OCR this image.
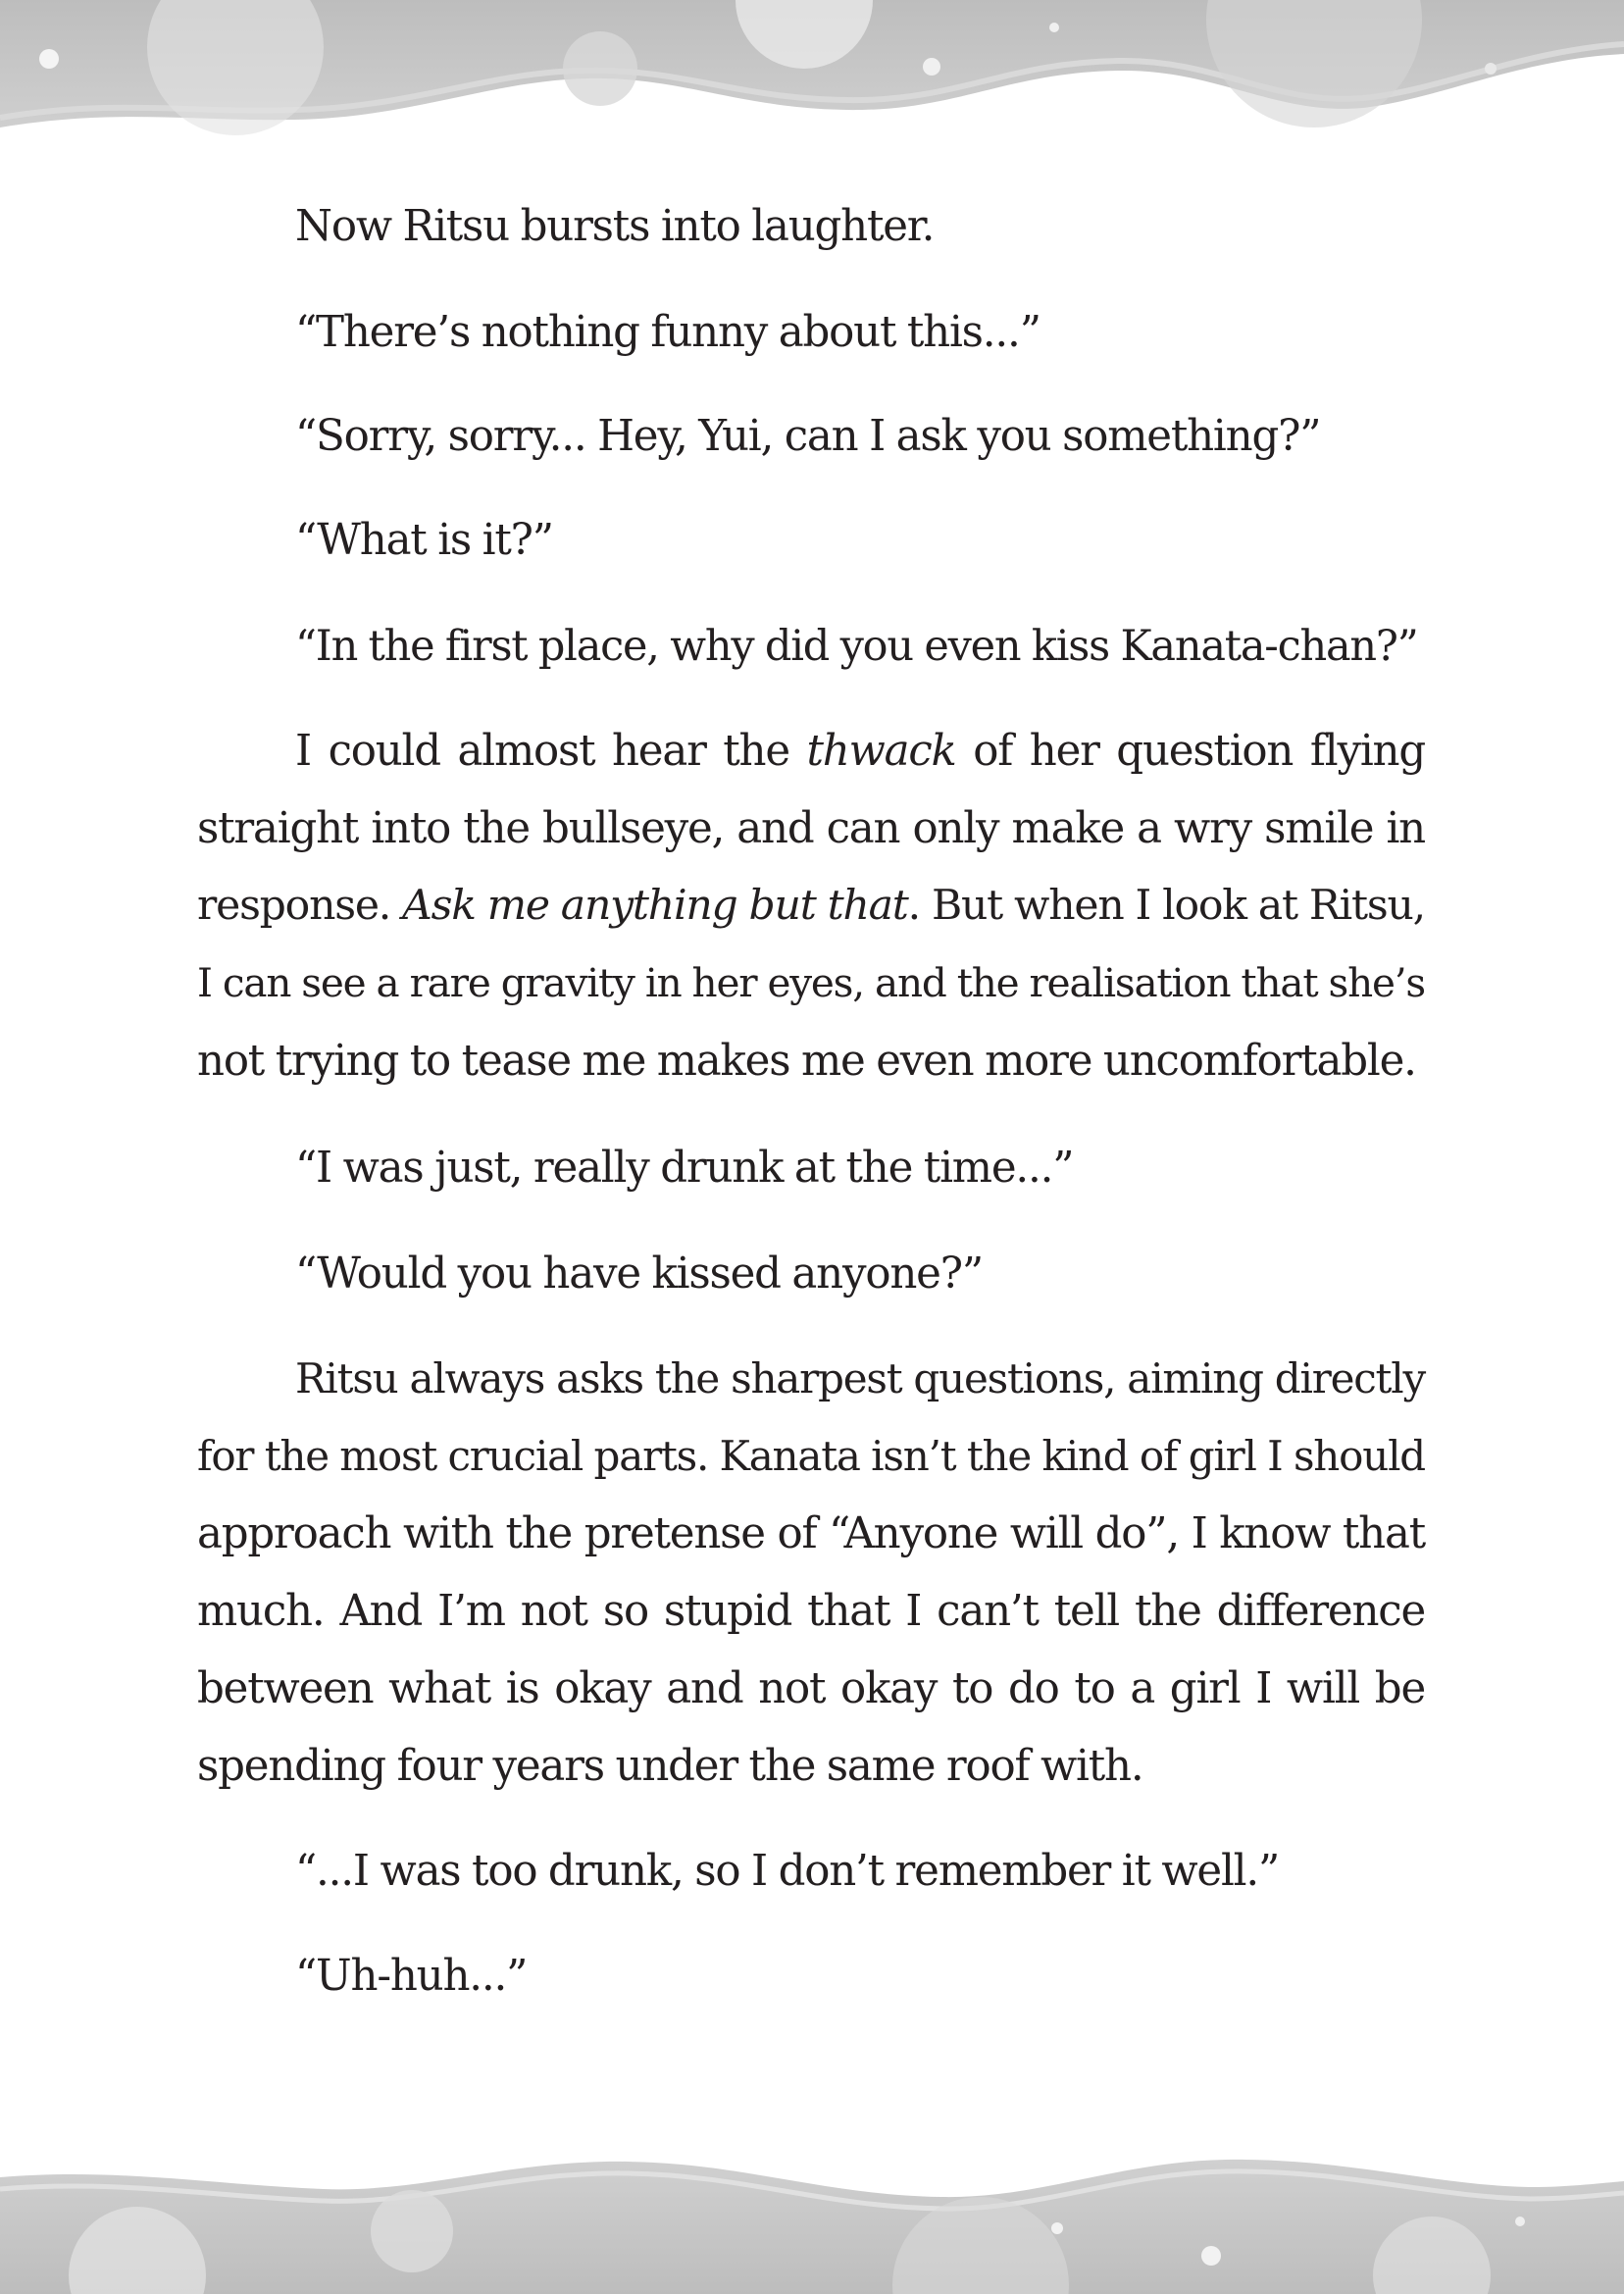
Now Ritsu bursts into laughter.

“There’s nothing funny about this...”

“Sorry, sorry... Hey, Yui, can I ask you something?”

“What is it?”

“In the first place, why did you even kiss Kanata-chan?”

I could almost hear the thwack of her question flying
straight into the bullseye, and can only make a wry smile in
response. Ask me anything but that. But when I look at Ritsu,
I can see a rare gravity in her eyes, and the realisation that she’s
not trying to tease me makes me even more uncomfortable.

“I was just, really drunk at the time...”

“Would you have kissed anyone?”

Ritsu always asks the sharpest questions, aiming directly
for the most crucial parts. Kanata isn’t the kind of girl I should
approach with the pretense of “Anyone will do”, I know that
much. And I’m not so stupid that I can’t tell the difference
between what is okay and not okay to do to a girl I will be
spending four years under the same roof with.

“...I was too drunk, so I don’t remember it well.”

“Uh-huh...”
